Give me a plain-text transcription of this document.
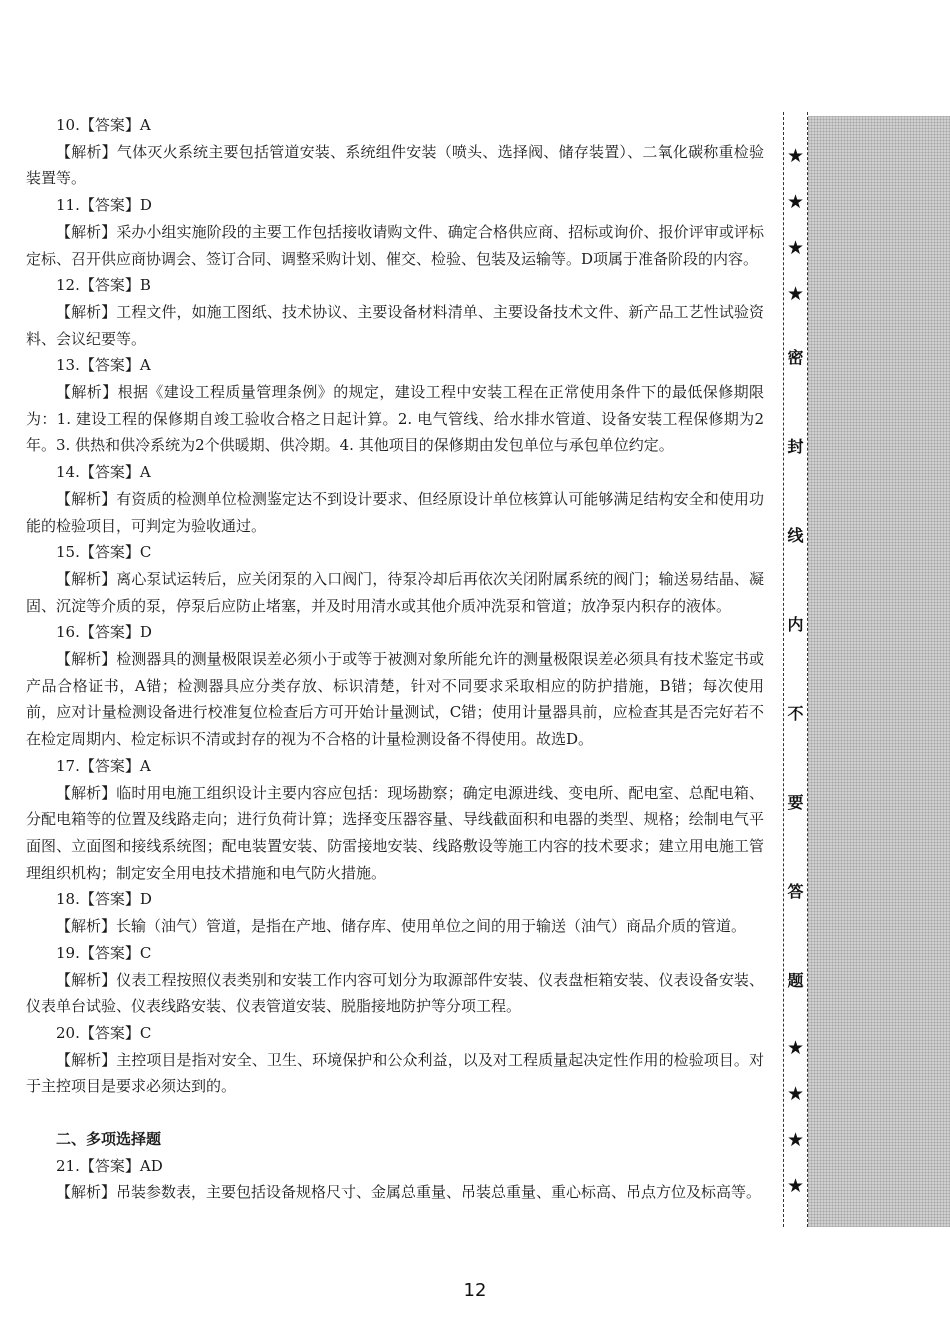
10.【答案】A

【解析】气体灭火系统主要包括管道安装、系统组件安装（喷头、选择阀、储存装置）、二氧化碳称重检验装置等。

11.【答案】D

【解析】采办小组实施阶段的主要工作包括接收请购文件、确定合格供应商、招标或询价、报价评审或评标定标、召开供应商协调会、签订合同、调整采购计划、催交、检验、包装及运输等。D项属于准备阶段的内容。

12.【答案】B

【解析】工程文件，如施工图纸、技术协议、主要设备材料清单、主要设备技术文件、新产品工艺性试验资料、会议纪要等。

13.【答案】A

【解析】根据《建设工程质量管理条例》的规定，建设工程中安装工程在正常使用条件下的最低保修期限为：1. 建设工程的保修期自竣工验收合格之日起计算。2. 电气管线、给水排水管道、设备安装工程保修期为2年。3. 供热和供冷系统为2个供暖期、供冷期。4. 其他项目的保修期由发包单位与承包单位约定。

14.【答案】A

【解析】有资质的检测单位检测鉴定达不到设计要求、但经原设计单位核算认可能够满足结构安全和使用功能的检验项目，可判定为验收通过。

15.【答案】C

【解析】离心泵试运转后，应关闭泵的入口阀门，待泵冷却后再依次关闭附属系统的阀门；输送易结晶、凝固、沉淀等介质的泵，停泵后应防止堵塞，并及时用清水或其他介质冲洗泵和管道；放净泵内积存的液体。

16.【答案】D

【解析】检测器具的测量极限误差必须小于或等于被测对象所能允许的测量极限误差必须具有技术鉴定书或产品合格证书，A错；检测器具应分类存放、标识清楚，针对不同要求采取相应的防护措施，B错；每次使用前，应对计量检测设备进行校准复位检查后方可开始计量测试，C错；使用计量器具前，应检查其是否完好若不在检定周期内、检定标识不清或封存的视为不合格的计量检测设备不得使用。故选D。

17.【答案】A

【解析】临时用电施工组织设计主要内容应包括：现场勘察；确定电源进线、变电所、配电室、总配电箱、分配电箱等的位置及线路走向；进行负荷计算；选择变压器容量、导线截面积和电器的类型、规格；绘制电气平面图、立面图和接线系统图；配电装置安装、防雷接地安装、线路敷设等施工内容的技术要求；建立用电施工管理组织机构；制定安全用电技术措施和电气防火措施。

18.【答案】D

【解析】长输（油气）管道，是指在产地、储存库、使用单位之间的用于输送（油气）商品介质的管道。

19.【答案】C

【解析】仪表工程按照仪表类别和安装工作内容可划分为取源部件安装、仪表盘柜箱安装、仪表设备安装、仪表单台试验、仪表线路安装、仪表管道安装、脱脂接地防护等分项工程。

20.【答案】C

【解析】主控项目是指对安全、卫生、环境保护和公众利益，以及对工程质量起决定性作用的检验项目。对于主控项目是要求必须达到的。

二、多项选择题

21.【答案】AD

【解析】吊装参数表，主要包括设备规格尺寸、金属总重量、吊装总重量、重心标高、吊点方位及标高等。

★
★
★
★
密
封
线
内
不
要
答
题
★
★
★
★
12
